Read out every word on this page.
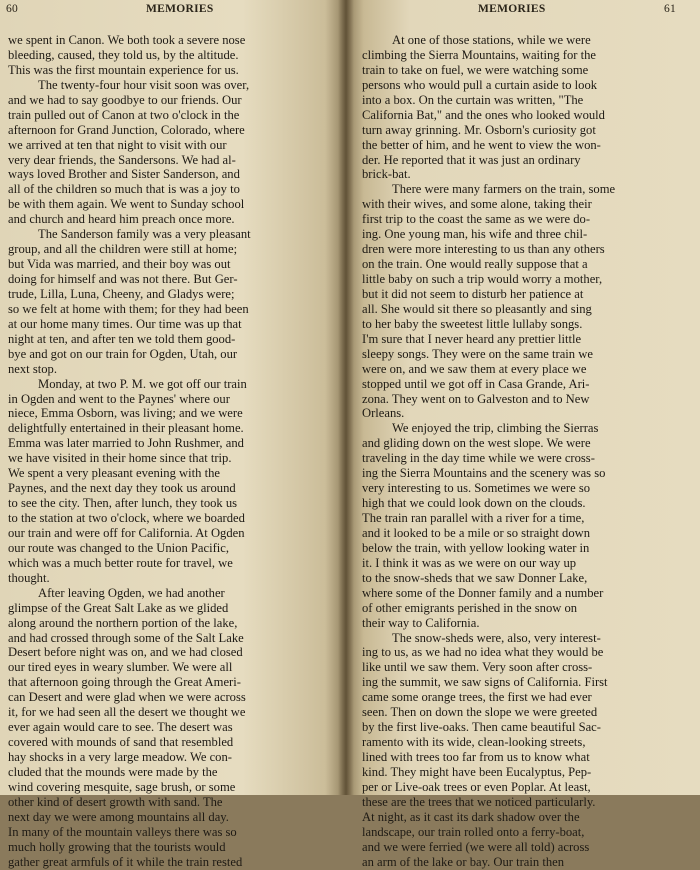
60	MEMORIES
we spent in Canon. We both took a severe nose
bleeding, caused, they told us, by the altitude.
This was the first mountain experience for us.
The twenty-four hour visit soon was over,
and we had to say goodbye to our friends. Our
train pulled out of Canon at two o'clock in the
afternoon for Grand Junction, Colorado, where
we arrived at ten that night to visit with our
very dear friends, the Sandersons. We had al-
ways loved Brother and Sister Sanderson, and
all of the children so much that is was a joy to
be with them again. We went to Sunday school
and church and heard him preach once more.
The Sanderson family was a very pleasant
group, and all the children were still at home;
but Vida was married, and their boy was out
doing for himself and was not there. But Ger-
trude, Lilla, Luna, Cheeny, and Gladys were;
so we felt at home with them; for they had been
at our home many times. Our time was up that
night at ten, and after ten we told them good-
bye and got on our train for Ogden, Utah, our
next stop.
Monday, at two P. M. we got off our train
in Ogden and went to the Paynes' where our
niece, Emma Osborn, was living; and we were
delightfully entertained in their pleasant home.
Emma was later married to John Rushmer, and
we have visited in their home since that trip.
We spent a very pleasant evening with the
Paynes, and the next day they took us around
to see the city. Then, after lunch, they took us
to the station at two o'clock, where we boarded
our train and were off for California. At Ogden
our route was changed to the Union Pacific,
which was a much better route for travel, we
thought.
After leaving Ogden, we had another
glimpse of the Great Salt Lake as we glided
along around the northern portion of the lake,
and had crossed through some of the Salt Lake
Desert before night was on, and we had closed
our tired eyes in weary slumber. We were all
that afternoon going through the Great Ameri-
can Desert and were glad when we were across
it, for we had seen all the desert we thought we
ever again would care to see. The desert was
covered with mounds of sand that resembled
hay shocks in a very large meadow. We con-
cluded that the mounds were made by the
wind covering mesquite, sage brush, or some
other kind of desert growth with sand. The
next day we were among mountains all day.
In many of the mountain valleys there was so
much holly growing that the tourists would
gather great armfuls of it while the train rested
MEMORIES	61
At one of those stations, while we were
climbing the Sierra Mountains, waiting for the
train to take on fuel, we were watching some
persons who would pull a curtain aside to look
into a box. On the curtain was written, "The
California Bat," and the ones who looked would
turn away grinning. Mr. Osborn's curiosity got
the better of him, and he went to view the won-
der. He reported that it was just an ordinary
brick-bat.
There were many farmers on the train, some
with their wives, and some alone, taking their
first trip to the coast the same as we were do-
ing. One young man, his wife and three chil-
dren were more interesting to us than any others
on the train. One would really suppose that a
little baby on such a trip would worry a mother,
but it did not seem to disturb her patience at
all. She would sit there so pleasantly and sing
to her baby the sweetest little lullaby songs.
I'm sure that I never heard any prettier little
sleepy songs. They were on the same train we
were on, and we saw them at every place we
stopped until we got off in Casa Grande, Ari-
zona. They went on to Galveston and to New
Orleans.
We enjoyed the trip, climbing the Sierras
and gliding down on the west slope. We were
traveling in the day time while we were cross-
ing the Sierra Mountains and the scenery was so
very interesting to us. Sometimes we were so
high that we could look down on the clouds.
The train ran parallel with a river for a time,
and it looked to be a mile or so straight down
below the train, with yellow looking water in
it. I think it was as we were on our way up
to the snow-sheds that we saw Donner Lake,
where some of the Donner family and a number
of other emigrants perished in the snow on
their way to California.
The snow-sheds were, also, very interest-
ing to us, as we had no idea what they would be
like until we saw them. Very soon after cross-
ing the summit, we saw signs of California. First
came some orange trees, the first we had ever
seen. Then on down the slope we were greeted
by the first live-oaks. Then came beautiful Sac-
ramento with its wide, clean-looking streets,
lined with trees too far from us to know what
kind. They might have been Eucalyptus, Pep-
per or Live-oak trees or even Poplar. At least,
these are the trees that we noticed particularly.
At night, as it cast its dark shadow over the
landscape, our train rolled onto a ferry-boat,
and we were ferried (we were all told) across
an arm of the lake or bay. Our train then
